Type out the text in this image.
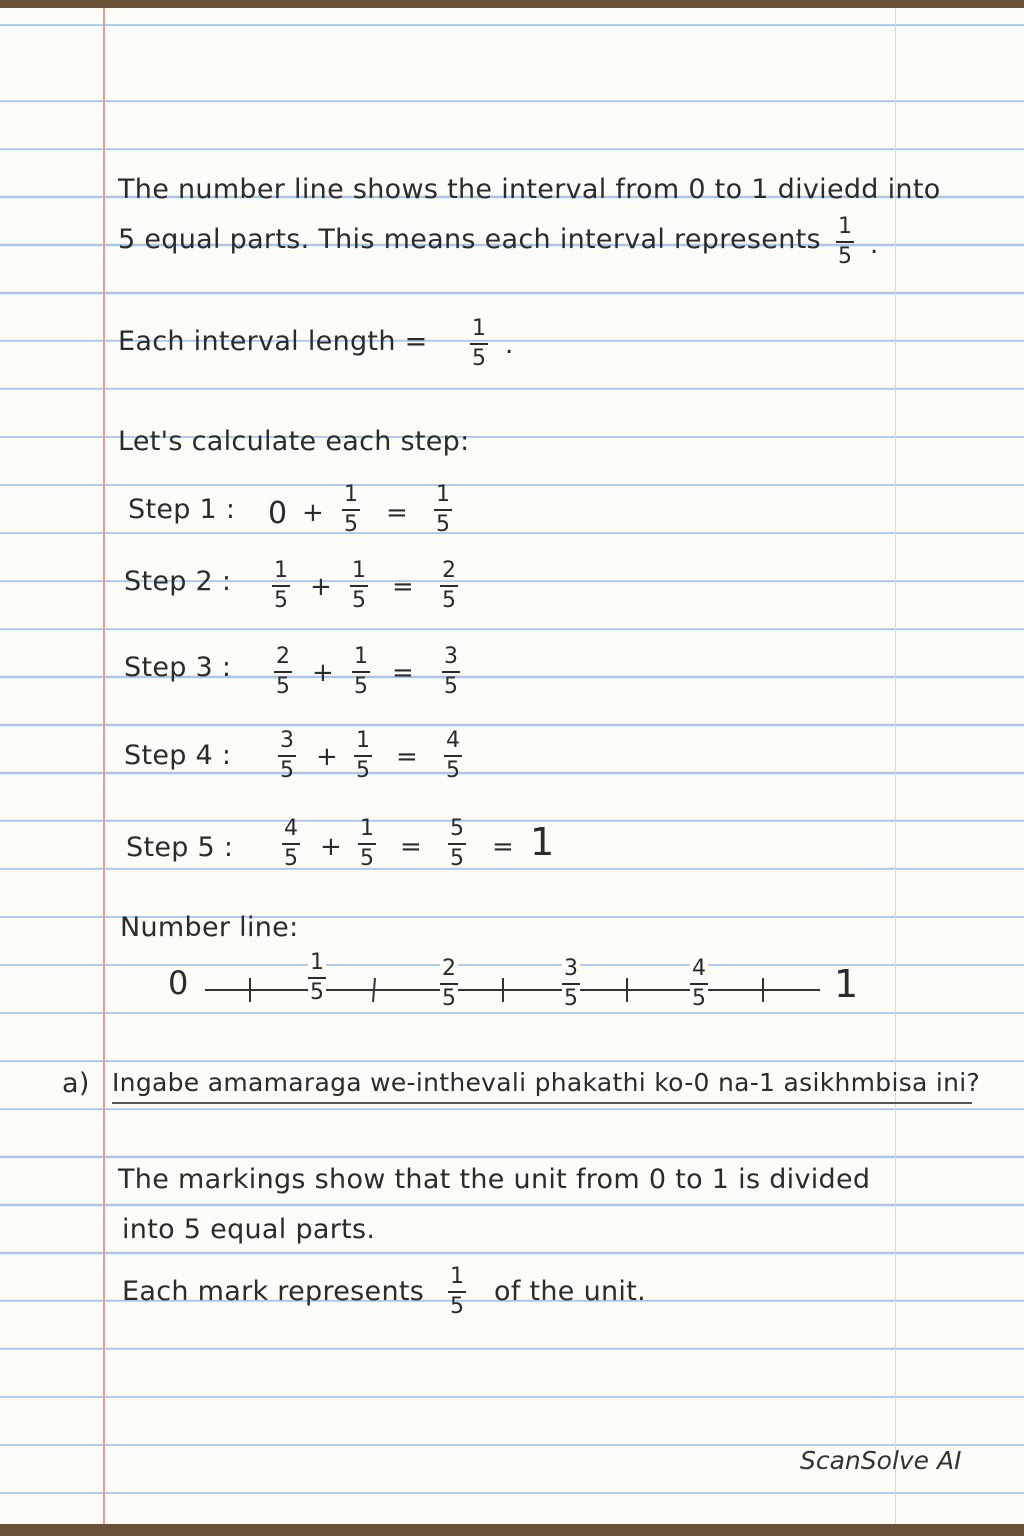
The number line shows the interval from 0 to 1 diviedd into
5 equal parts. This means each interval represents 1
5 .
Each interval length = 1
5 .
Let's calculate each step:
Step 1 : 0 +
1
5 =
1
5
Step 2 : 1
5 +
1
5 =
2
5
Step 3 : 2
5 +
1
5 =
3
5
Step 4 : 3
5 +
1
5 =
4
5
Step 5 :
4
5 +
1
5 =
5
5 = 1
Number line:
0
1
5
2
5
3
5
4
5	1
a) Ingabe amamaraga we-inthevali phakathi ko-0 na-1 asikhmbisa ini?
The markings show that the unit from 0 to 1 is divided
into 5 equal parts.
Each mark represents 1
5 of the unit.
ScanSolve AI
